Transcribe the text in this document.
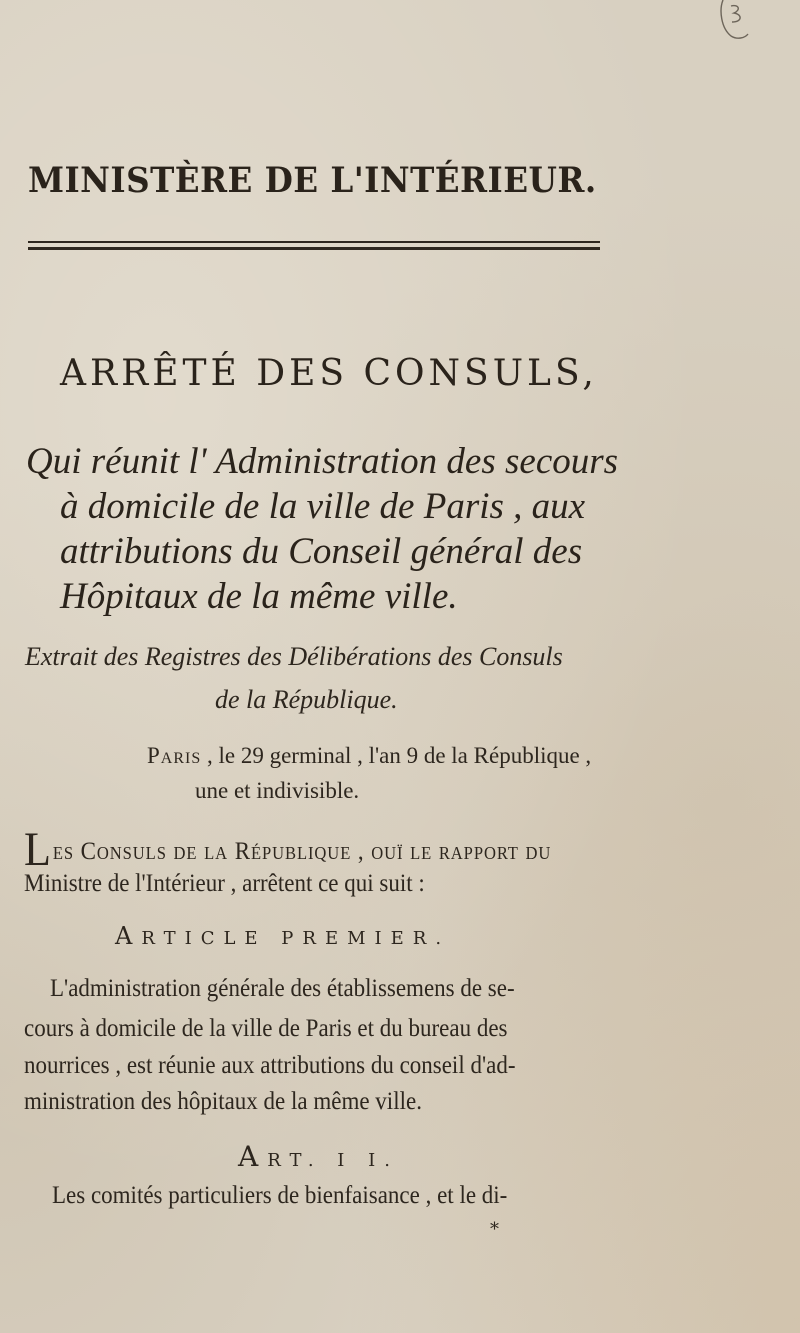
MINISTÈRE DE L'INTÉRIEUR.
ARRÊTÉ DES CONSULS,
Qui réunit l' Administration des secours
à domicile de la ville de Paris , aux
attributions du Conseil général des
Hôpitaux de la même ville.
Extrait des Registres des Délibérations des Consuls
de la République.
Paris , le 29 germinal , l'an 9 de la République ,
une et indivisible.
Les Consuls de la République , ouï le rapport du
Ministre de l'Intérieur , arrêtent ce qui suit :
ARTICLE PREMIER.
L'administration générale des établissemens de se-
cours à domicile de la ville de Paris et du bureau des
nourrices , est réunie aux attributions du conseil d'ad-
ministration des hôpitaux de la même ville.
ART. I I.
Les comités particuliers de bienfaisance , et le di-
*
